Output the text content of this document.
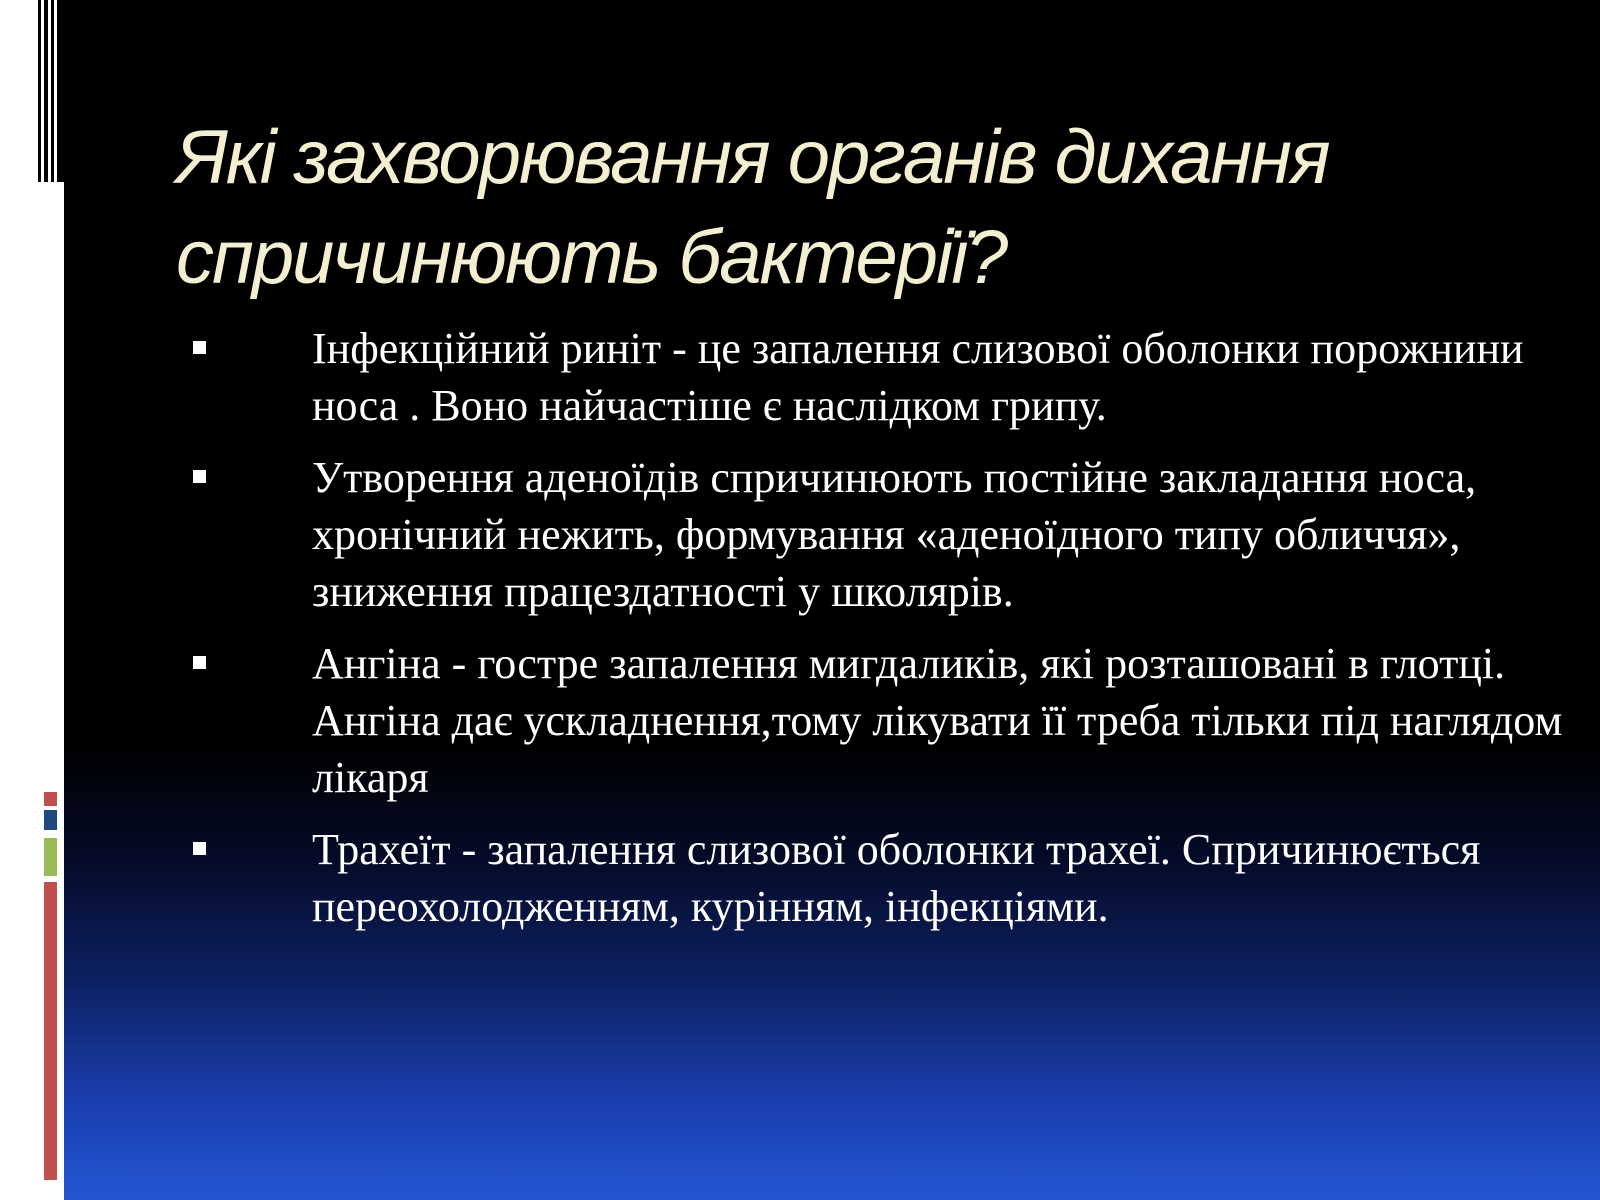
Які захворювання органів дихання спричинюють бактерії?
Інфекційний риніт - це запалення слизової оболонки порожнини носа . Воно найчастіше є наслідком грипу.
Утворення аденоїдів спричинюють постійне закладання носа, хронічний нежить, формування «аденоїдного типу обличчя», зниження працездатності у школярів.
Ангіна - гостре запалення мигдаликів, які розташовані в глотці. Ангіна дає ускладнення,тому лікувати її треба тільки під наглядом лікаря
Трахеїт - запалення слизової оболонки трахеї. Спричинюється переохолодженням, курінням, інфекціями.
